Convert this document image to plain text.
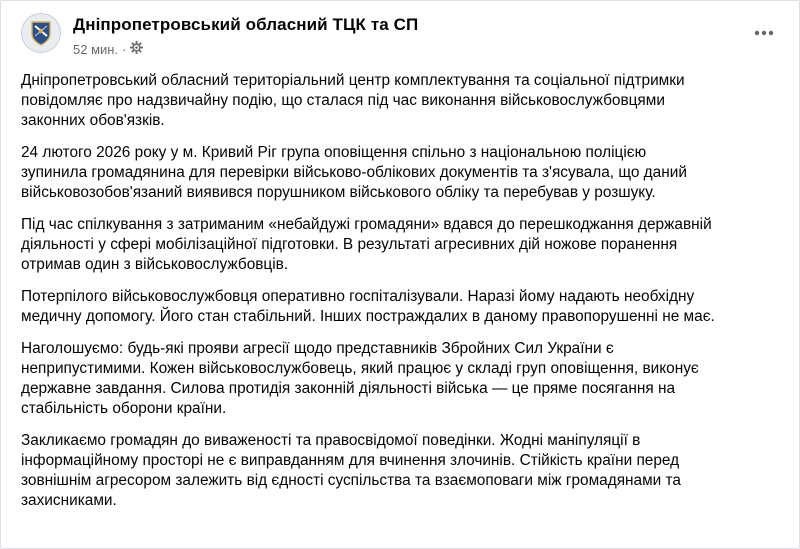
Дніпропетровський обласний ТЦК та СП
52 мин. ·

Дніпропетровський обласний територіальний центр комплектування та соціальної підтримки
повідомляє про надзвичайну подію, що сталася під час виконання військовослужбовцями
законних обов'язків.

24 лютого 2026 року у м. Кривий Ріг група оповіщення спільно з національною поліцією
зупинила громадянина для перевірки військово-облікових документів та з'ясувала, що даний
військовозобов'язаний виявився порушником військового обліку та перебував у розшуку.

Під час спілкування з затриманим «небайдужі громадяни» вдався до перешкоджання державній
діяльності у сфері мобілізаційної підготовки. В результаті агресивних дій ножове поранення
отримав один з військовослужбовців.

Потерпілого військовослужбовця оперативно госпіталізували. Наразі йому надають необхідну
медичну допомогу. Його стан стабільний. Інших постраждалих в даному правопорушенні не має.

Наголошуємо: будь-які прояви агресії щодо представників Збройних Сил України є
неприпустимими. Кожен військовослужбовець, який працює у складі груп оповіщення, виконує
державне завдання. Силова протидія законній діяльності війська — це пряме посягання на
стабільність оборони країни.

Закликаємо громадян до виваженості та правосвідомої поведінки. Жодні маніпуляції в
інформаційному просторі не є виправданням для вчинення злочинів. Стійкість країни перед
зовнішнім агресором залежить від єдності суспільства та взаємоповаги між громадянами та
захисниками.
